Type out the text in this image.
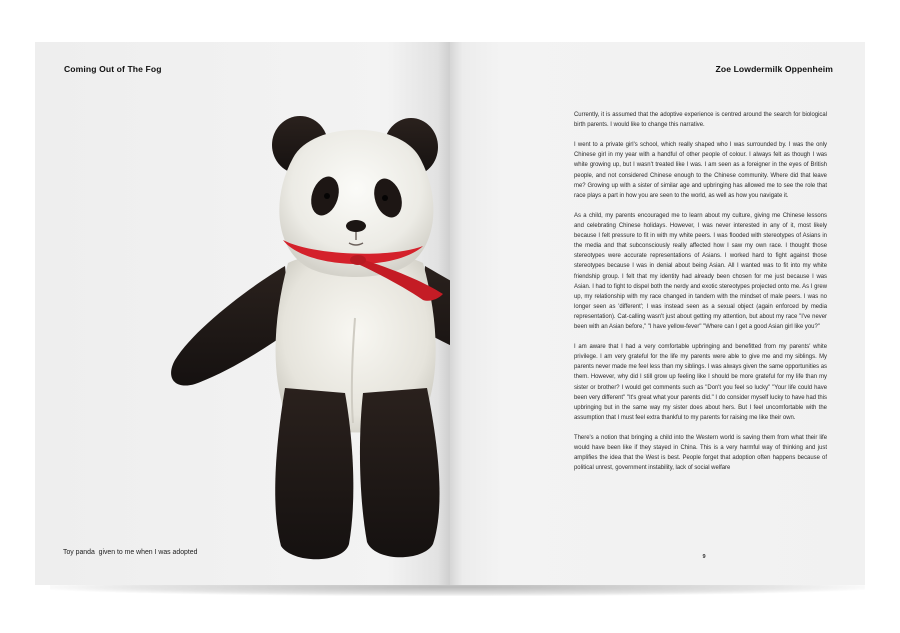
Coming Out of The Fog
Toy panda  given to me when I was adopted
Zoe Lowdermilk Oppenheim

Currently, it is assumed that the adoptive experience is centred around the search for biological birth parents. I would like to change this narrative.

I went to a private girl's school, which really shaped who I was surrounded by. I was the only Chinese girl in my year with a handful of other people of colour. I always felt as though I was white growing up, but I wasn't treated like I was. I am seen as a foreigner in the eyes of British people, and not considered Chinese enough to the Chinese community. Where did that leave me? Growing up with a sister of similar age and upbringing has allowed me to see the role that race plays a part in how you are seen to the world, as well as how you navigate it.

As a child, my parents encouraged me to learn about my culture, giving me Chinese lessons and celebrating Chinese holidays. However, I was never interested in any of it, most likely because I felt pressure to fit in with my white peers. I was flooded with stereotypes of Asians in the media and that subconsciously really affected how I saw my own race. I thought those stereotypes were accurate representations of Asians. I worked hard to fight against those stereotypes because I was in denial about being Asian. All I wanted was to fit into my white friendship group. I felt that my identity had already been chosen for me just because I was Asian. I had to fight to dispel both the nerdy and exotic stereotypes projected onto me. As I grew up, my relationship with my race changed in tandem with the mindset of male peers. I was no longer seen as 'different'; I was instead seen as a sexual object (again enforced by media representation). Cat-calling wasn't just about getting my attention, but about my race "I've never been with an Asian before," "I have yellow-fever" "Where can I get a good Asian girl like you?"

I am aware that I had a very comfortable upbringing and benefitted from my parents' white privilege. I am very grateful for the life my parents were able to give me and my siblings. My parents never made me feel less than my siblings. I was always given the same opportunities as them. However, why did I still grow up feeling like I should be more grateful for my life than my sister or brother? I would get comments such as "Don't you feel so lucky" "Your life could have been very different" "It's great what your parents did." I do consider myself lucky to have had this upbringing but in the same way my sister does about hers. But I feel uncomfortable with the assumption that I must feel extra thankful to my parents for raising me like their own.

There's a notion that bringing a child into the Western world is saving them from what their life would have been like if they stayed in China. This is a very harmful way of thinking and just amplifies the idea that the West is best. People forget that adoption often happens because of political unrest, government instability, lack of social welfare

9
